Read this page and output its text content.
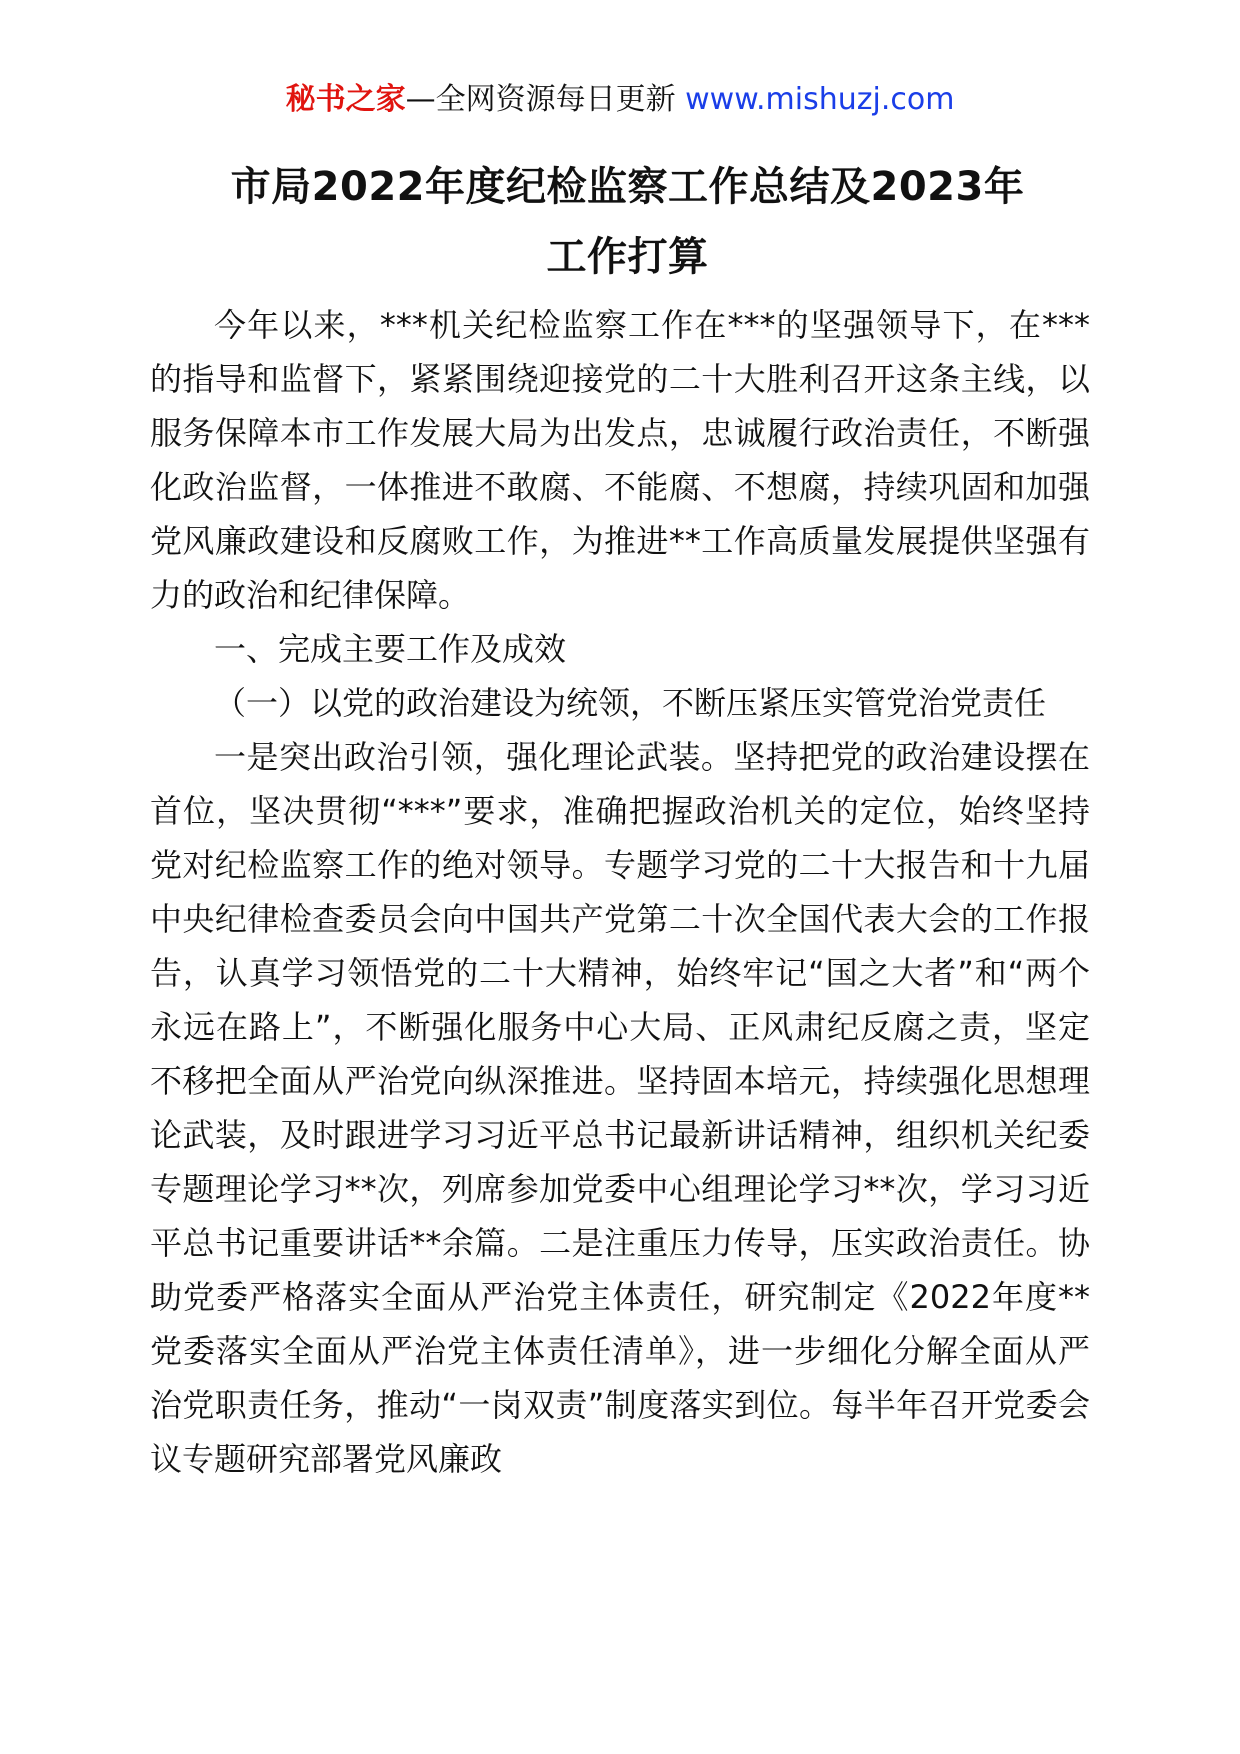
秘书之家—全网资源每日更新 www.mishuzj.com
市局2022年度纪检监察工作总结及2023年
工作打算

今年以来，***机关纪检监察工作在***的坚强领导下，在***的指导和监督下，紧紧围绕迎接党的二十大胜利召开这条主线，以服务保障本市工作发展大局为出发点，忠诚履行政治责任，不断强化政治监督，一体推进不敢腐、不能腐、不想腐，持续巩固和加强党风廉政建设和反腐败工作，为推进**工作高质量发展提供坚强有力的政治和纪律保障。

一、完成主要工作及成效

（一）以党的政治建设为统领，不断压紧压实管党治党责任

一是突出政治引领，强化理论武装。坚持把党的政治建设摆在首位，坚决贯彻“***”要求，准确把握政治机关的定位，始终坚持党对纪检监察工作的绝对领导。专题学习党的二十大报告和十九届中央纪律检查委员会向中国共产党第二十次全国代表大会的工作报告，认真学习领悟党的二十大精神，始终牢记“国之大者”和“两个永远在路上”，不断强化服务中心大局、正风肃纪反腐之责，坚定不移把全面从严治党向纵深推进。坚持固本培元，持续强化思想理论武装，及时跟进学习习近平总书记最新讲话精神，组织机关纪委专题理论学习**次，列席参加党委中心组理论学习**次，学习习近平总书记重要讲话**余篇。二是注重压力传导，压实政治责任。协助党委严格落实全面从严治党主体责任，研究制定《2022年度**党委落实全面从严治党主体责任清单》，进一步细化分解全面从严治党职责任务，推动“一岗双责”制度落实到位。每半年召开党委会议专题研究部署党风廉政
